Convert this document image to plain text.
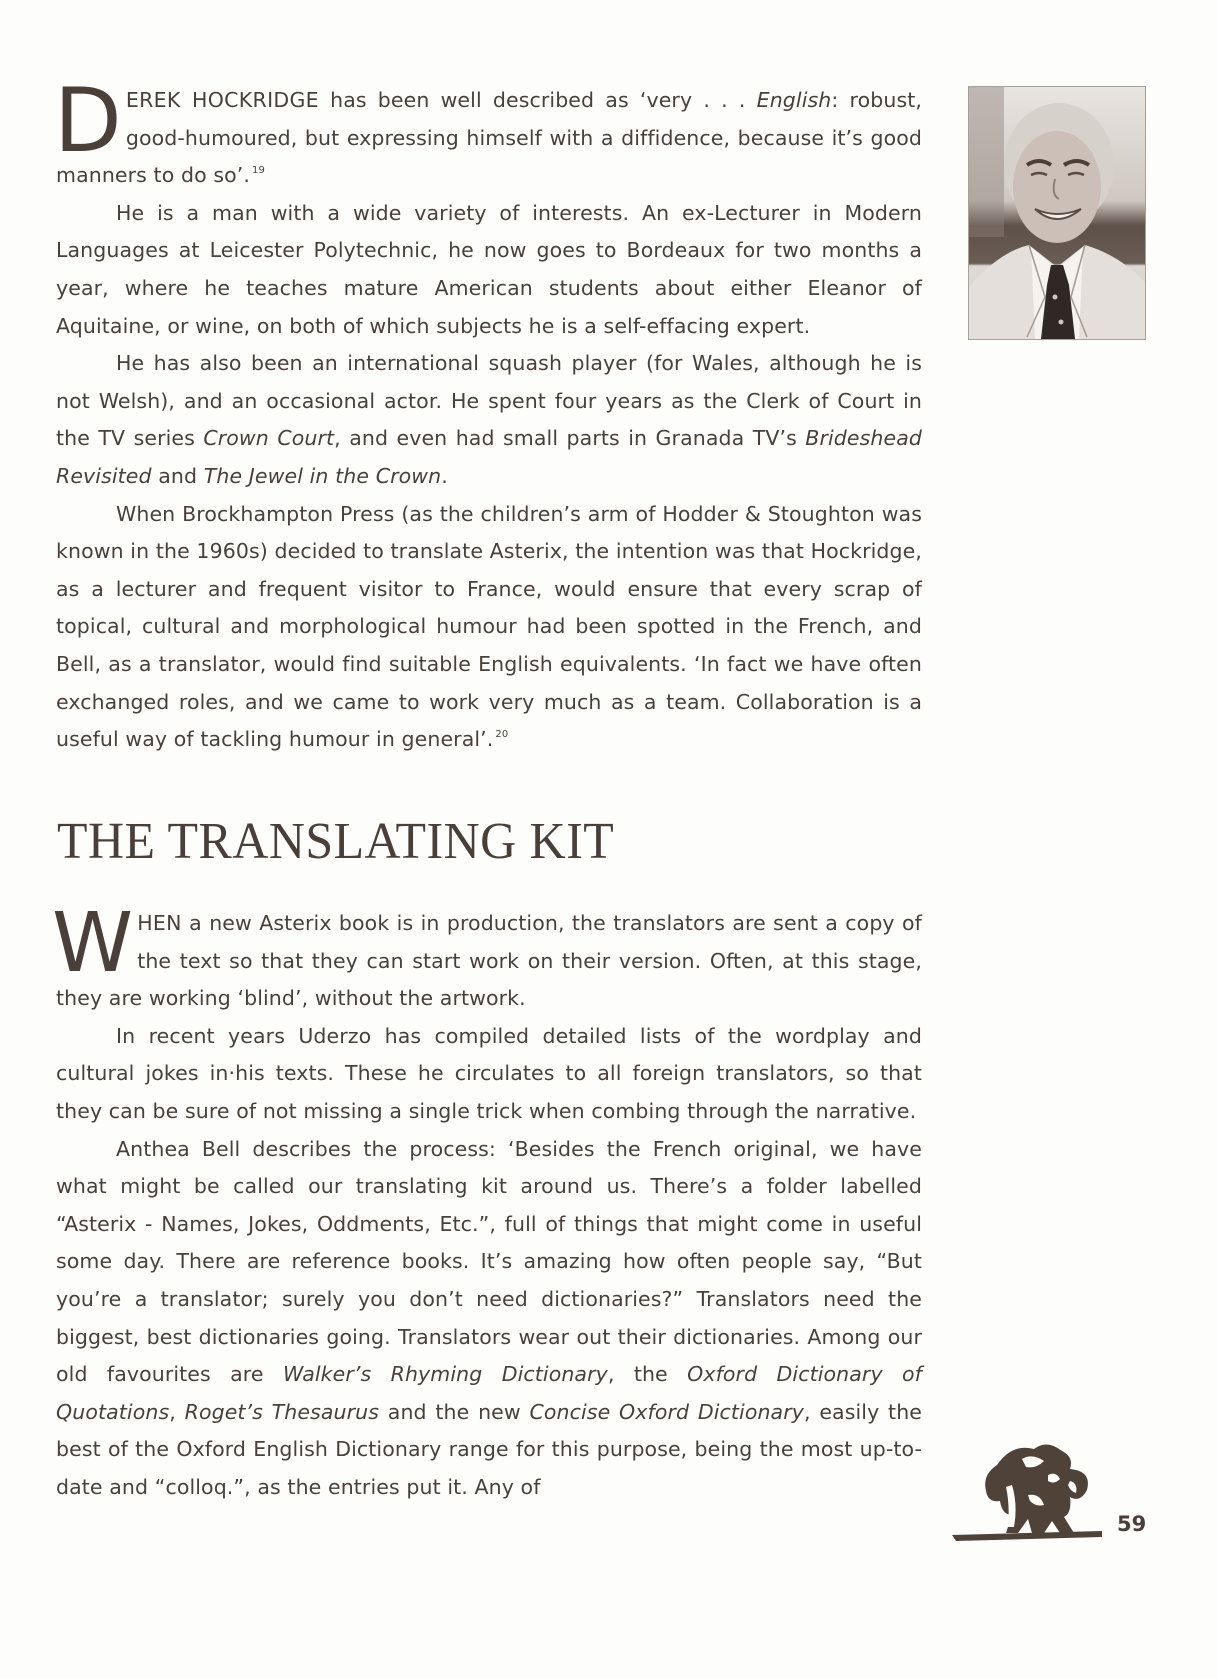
DEREK HOCKRIDGE has been well described as ‘very . . . English: robust, good-humoured, but expressing himself with a diffidence, because it’s good manners to do so’. $^{19}$

He is a man with a wide variety of interests. An ex-Lecturer in Modern Languages at Leicester Polytechnic, he now goes to Bordeaux for two months a year, where he teaches mature American students about either Eleanor of Aquitaine, or wine, on both of which subjects he is a self-effacing expert.

He has also been an international squash player (for Wales, although he is not Welsh), and an occasional actor. He spent four years as the Clerk of Court in the TV series Crown Court, and even had small parts in Granada TV’s Brideshead Revisited and The Jewel in the Crown.

When Brockhampton Press (as the children’s arm of Hodder & Stoughton was known in the 1960s) decided to translate Asterix, the intention was that Hockridge, as a lecturer and frequent visitor to France, would ensure that every scrap of topical, cultural and morphological humour had been spotted in the French, and Bell, as a translator, would find suitable English equivalents. ‘In fact we have often exchanged roles, and we came to work very much as a team. Collaboration is a useful way of tackling humour in general’. $^{20}$

THE TRANSLATING KIT

WHEN a new Asterix book is in production, the translators are sent a copy of the text so that they can start work on their version. Often, at this stage, they are working ‘blind’, without the artwork.

In recent years Uderzo has compiled detailed lists of the wordplay and cultural jokes in·his texts. These he circulates to all foreign translators, so that they can be sure of not missing a single trick when combing through the narrative.

Anthea Bell describes the process: ‘Besides the French original, we have what might be called our translating kit around us. There’s a folder labelled “Asterix - Names, Jokes, Oddments, Etc.”, full of things that might come in useful some day. There are reference books. It’s amazing how often people say, “But you’re a translator; surely you don’t need dictionaries?” Translators need the biggest, best dictionaries going. Translators wear out their dictionaries. Among our old favourites are Walker’s Rhyming Dictionary, the Oxford Dictionary of Quotations, Roget’s Thesaurus and the new Concise Oxford Dictionary, easily the best of the Oxford English Dictionary range for this purpose, being the most up-to-date and “colloq.”, as the entries put it. Any of

59
